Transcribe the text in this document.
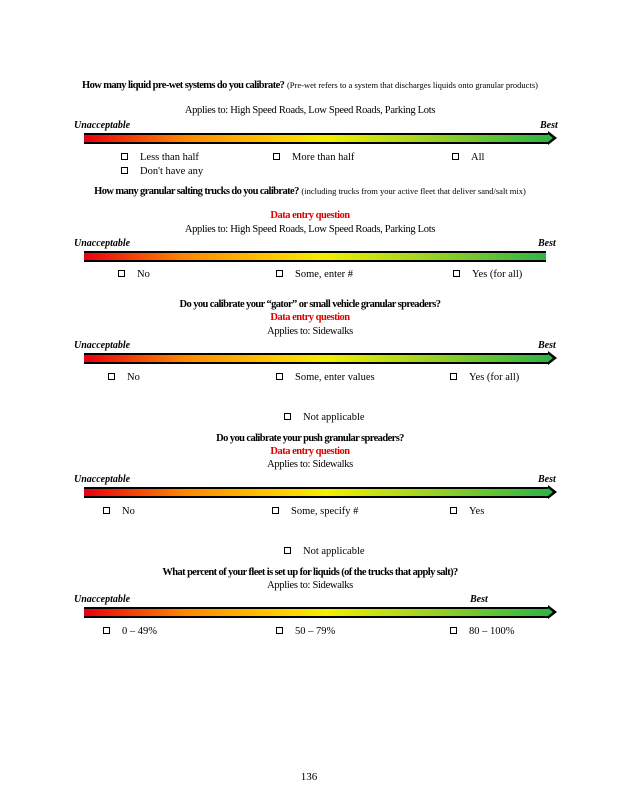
How many liquid pre-wet systems do you calibrate? (Pre-wet refers to a system that discharges liquids onto granular products)
Applies to: High Speed Roads, Low Speed Roads, Parking Lots
Unacceptable	Best
Less than half	More than half	All
Don't have any
How many granular salting trucks do you calibrate? (including trucks from your active fleet that deliver sand/salt mix)
Data entry question
Applies to: High Speed Roads, Low Speed Roads, Parking Lots
Unacceptable	Best
No	Some, enter #	Yes (for all)
Do you calibrate your “gator” or small vehicle granular spreaders?
Data entry question
Applies to: Sidewalks
Unacceptable	Best
No	Some, enter values	Yes (for all)
Not applicable
Do you calibrate your push granular spreaders?
Data entry question
Applies to: Sidewalks
Unacceptable	Best
No	Some, specify #	Yes
Not applicable
What percent of your fleet is set up for liquids (of the trucks that apply salt)?
Applies to: Sidewalks
Unacceptable	Best
0 – 49%	50 – 79%	80 – 100%
136
